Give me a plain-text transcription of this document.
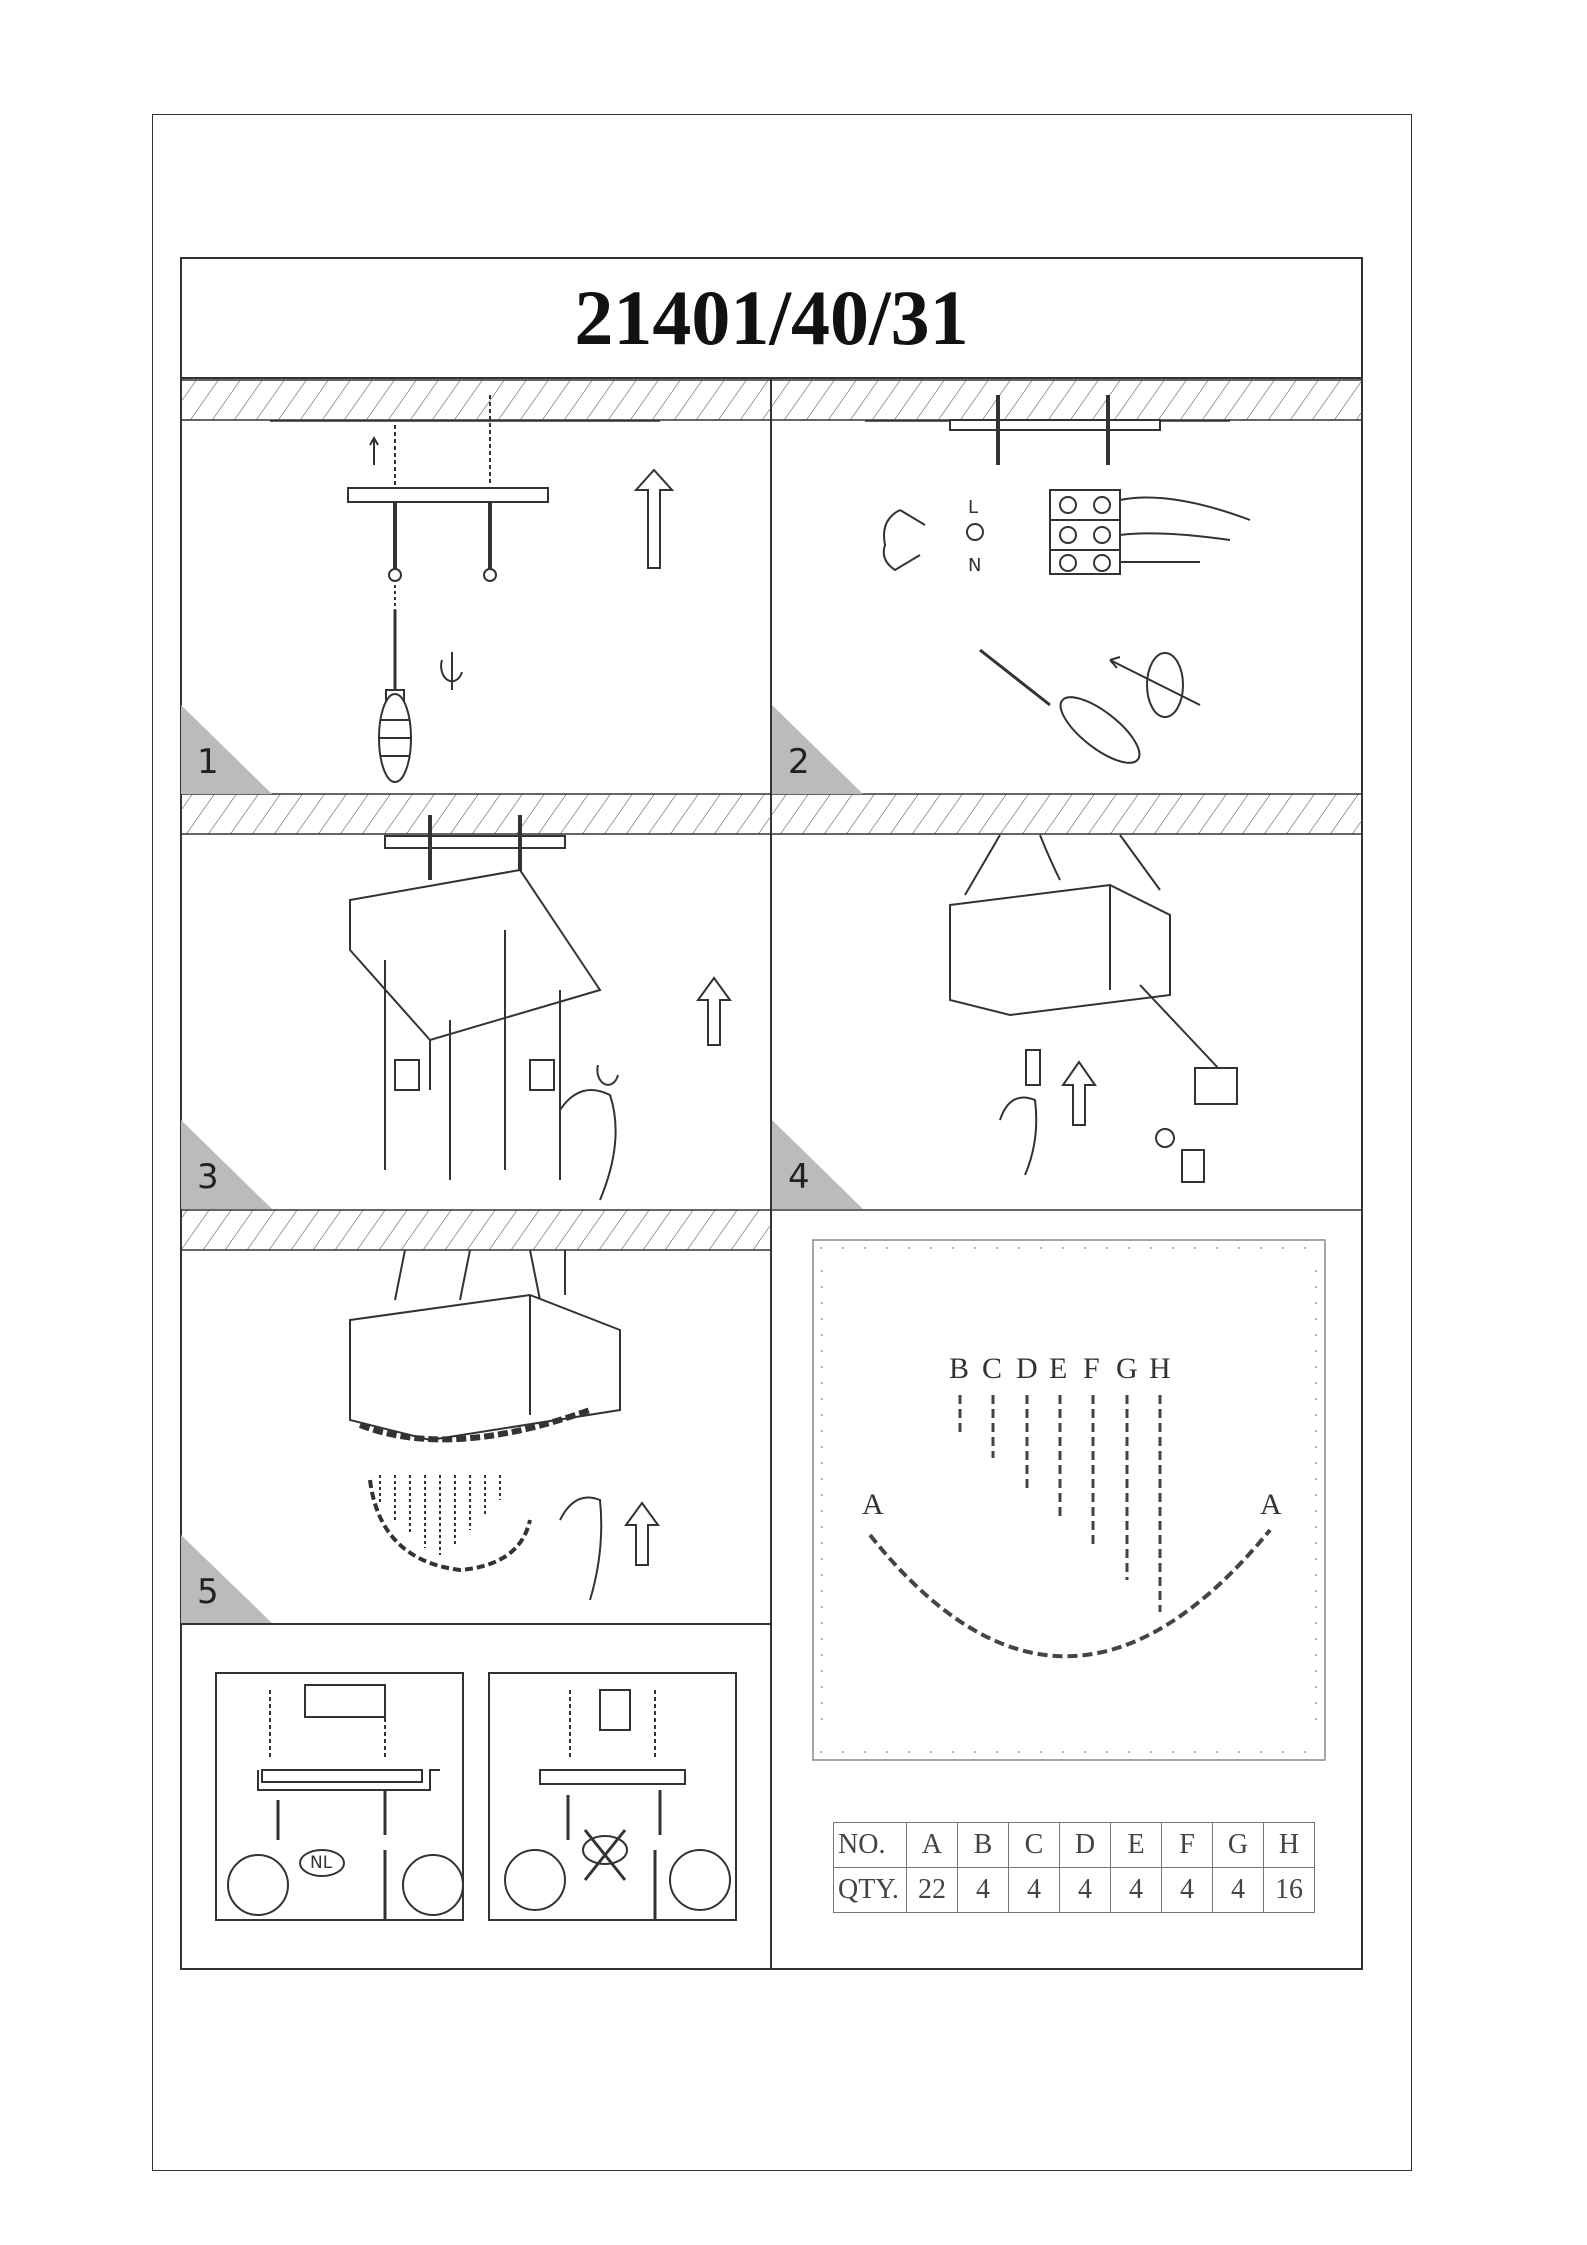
21401/40/31
1	2
3	4
5
L
N
NL
B C D E F G H
A	A
NO.	A	B	C	D	E	F	G	H
QTY.	22	4	4	4	4	4	4	16
